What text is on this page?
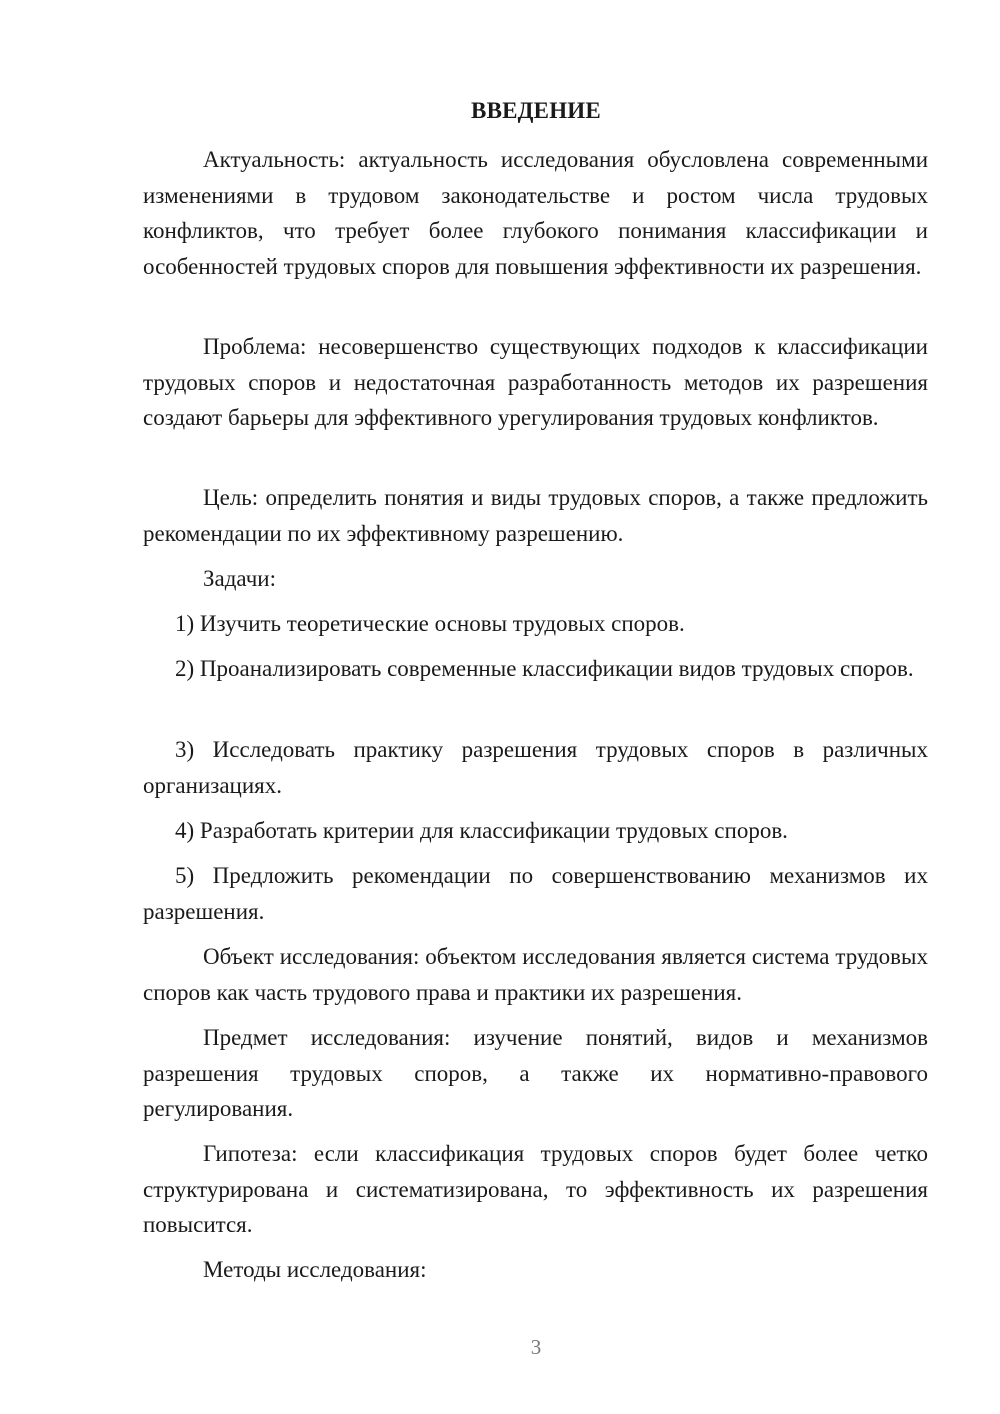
ВВЕДЕНИЕ

Актуальность: актуальность исследования обусловлена современными изменениями в трудовом законодательстве и ростом числа трудовых конфликтов, что требует более глубокого понимания классификации и особенностей трудовых споров для повышения эффективности их разрешения.

Проблема: несовершенство существующих подходов к классификации трудовых споров и недостаточная разработанность методов их разрешения создают барьеры для эффективного урегулирования трудовых конфликтов.

Цель: определить понятия и виды трудовых споров, а также предложить рекомендации по их эффективному разрешению.

Задачи:

1) Изучить теоретические основы трудовых споров.

2) Проанализировать современные классификации видов трудовых споров.

3) Исследовать практику разрешения трудовых споров в различных организациях.

4) Разработать критерии для классификации трудовых споров.

5) Предложить рекомендации по совершенствованию механизмов их разрешения.

Объект исследования: объектом исследования является система трудовых споров как часть трудового права и практики их разрешения.

Предмет исследования: изучение понятий, видов и механизмов разрешения трудовых споров, а также их нормативно-правового регулирования.

Гипотеза: если классификация трудовых споров будет более четко структурирована и систематизирована, то эффективность их разрешения повысится.

Методы исследования:

3
